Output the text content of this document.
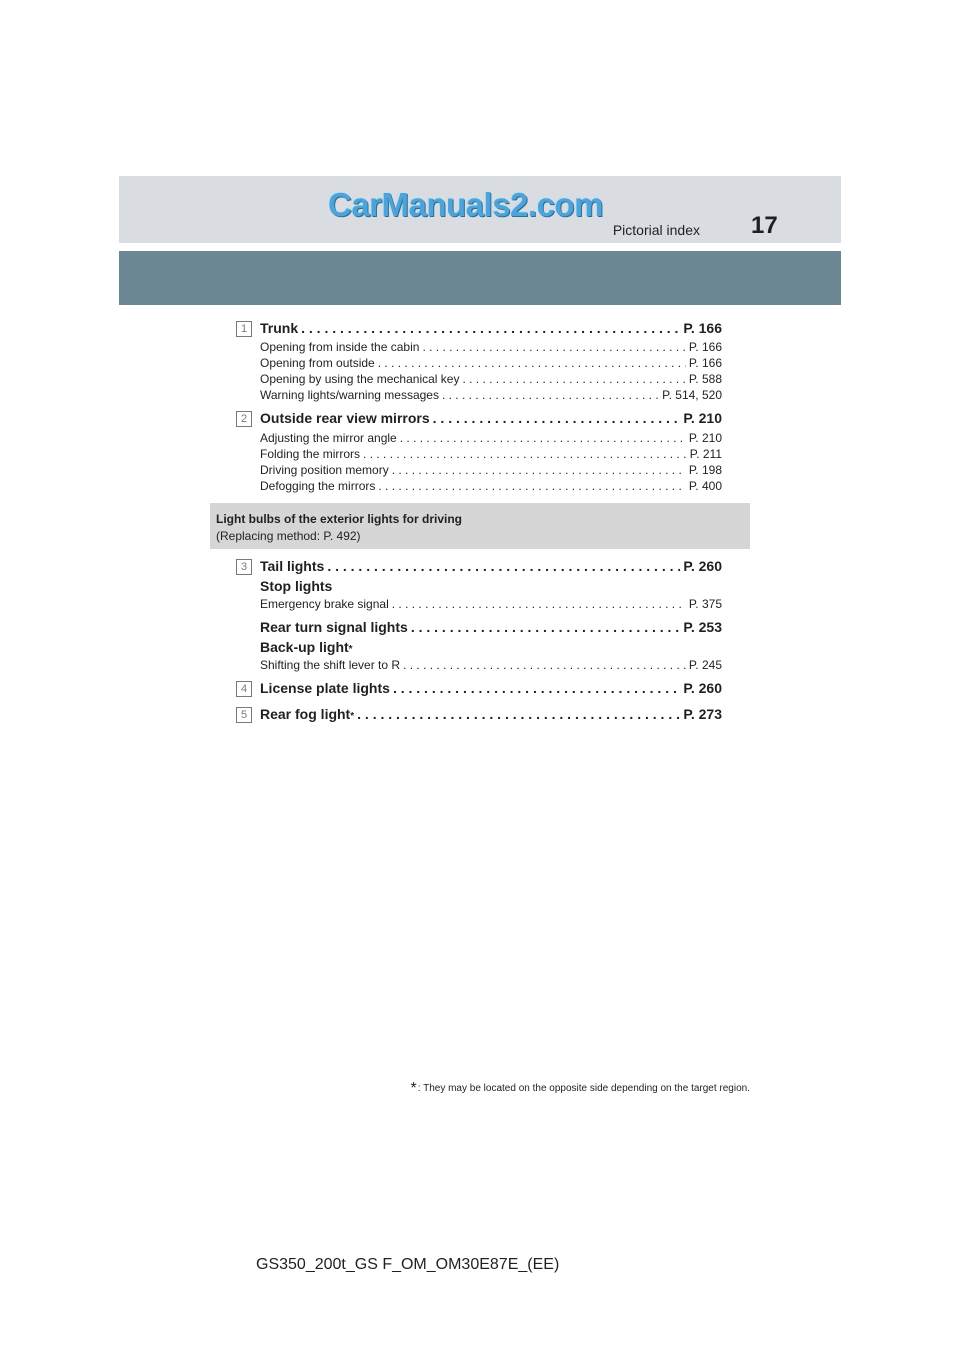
CarManuals2.com
Pictorial index 17
1 Trunk . . .	P. 166
Opening from inside the cabin . . .	P. 166
Opening from outside . . .	P. 166
Opening by using the mechanical key . . .	P. 588
Warning lights/warning messages . . .	P. 514, 520
2 Outside rear view mirrors . . .	P. 210
Adjusting the mirror angle . . .	P. 210
Folding the mirrors . . .	P. 211
Driving position memory . . .	P. 198
Defogging the mirrors . . .	P. 400
Light bulbs of the exterior lights for driving
(Replacing method: P. 492)
3 Tail lights . . .	P. 260
Stop lights
Emergency brake signal . . .	P. 375
Rear turn signal lights . . .	P. 253
Back-up light *
Shifting the shift lever to R . . .	P. 245
4 License plate lights . . .	P. 260
5 Rear fog light * . . .	P. 273
*: They may be located on the opposite side depending on the target region.
GS350_200t_GS F_OM_OM30E87E_(EE)
